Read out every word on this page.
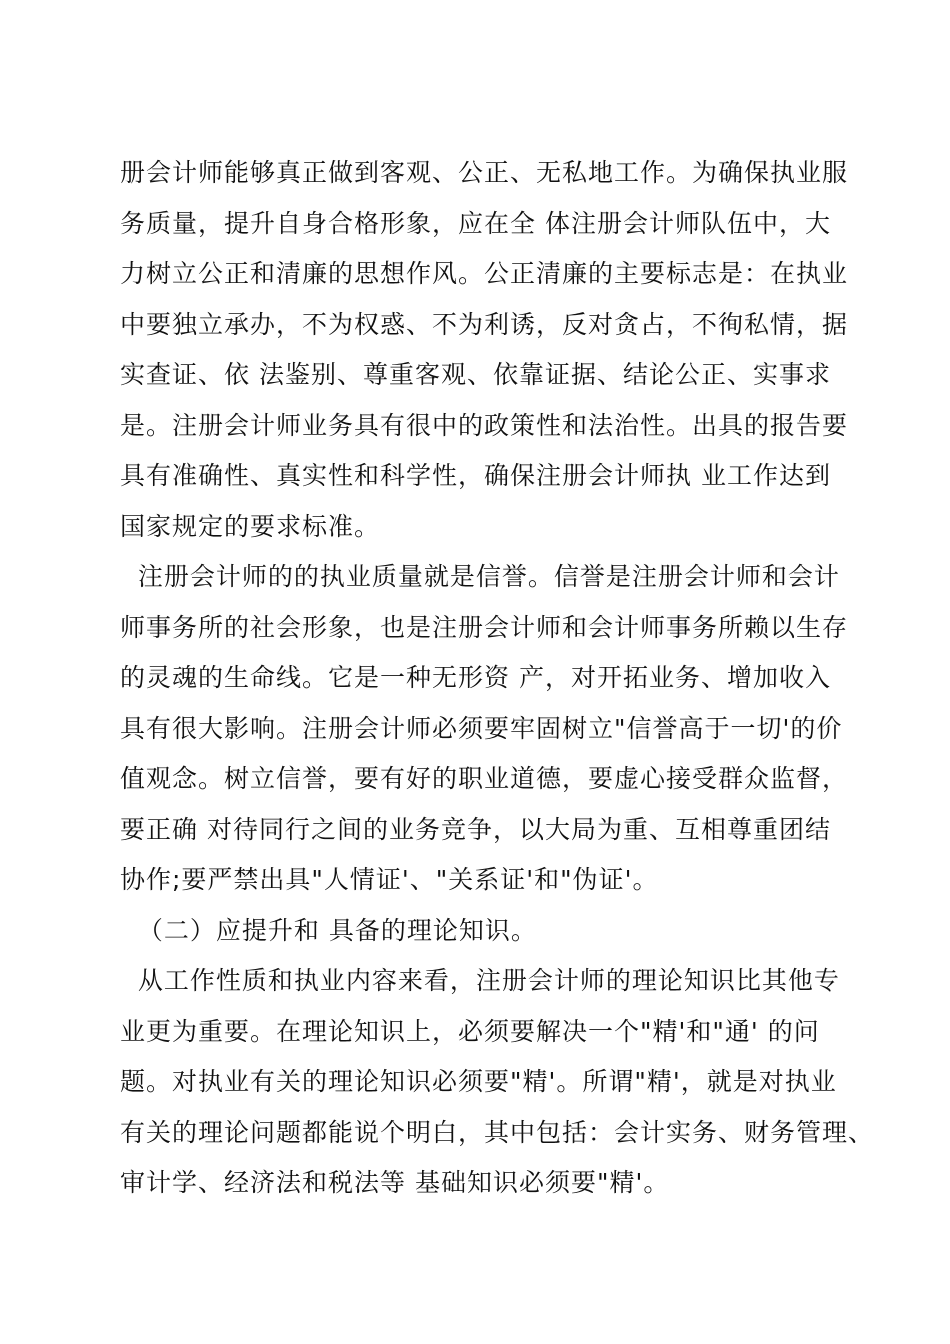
册会计师能够真正做到客观、公正、无私地工作。为确保执业服
务质量，提升自身合格形象，应在全 体注册会计师队伍中，大
力树立公正和清廉的思想作风。公正清廉的主要标志是：在执业
中要独立承办，不为权惑、不为利诱，反对贪占，不徇私情，据
实查证、依 法鉴别、尊重客观、依靠证据、结论公正、实事求
是。注册会计师业务具有很中的政策性和法治性。出具的报告要
具有准确性、真实性和科学性，确保注册会计师执 业工作达到
国家规定的要求标准。
注册会计师的的执业质量就是信誉。信誉是注册会计师和会计
师事务所的社会形象，也是注册会计师和会计师事务所赖以生存
的灵魂的生命线。它是一种无形资 产，对开拓业务、增加收入
具有很大影响。注册会计师必须要牢固树立"信誉高于一切'的价
值观念。树立信誉，要有好的职业道德，要虚心接受群众监督，
要正确 对待同行之间的业务竞争，以大局为重、互相尊重团结
协作;要严禁出具"人情证'、"关系证'和"伪证'。
（二）应提升和 具备的理论知识。
从工作性质和执业内容来看，注册会计师的理论知识比其他专
业更为重要。在理论知识上，必须要解决一个"精'和"通' 的问
题。对执业有关的理论知识必须要"精'。所谓"精'，就是对执业
有关的理论问题都能说个明白，其中包括：会计实务、财务管理、
审计学、经济法和税法等 基础知识必须要"精'。
